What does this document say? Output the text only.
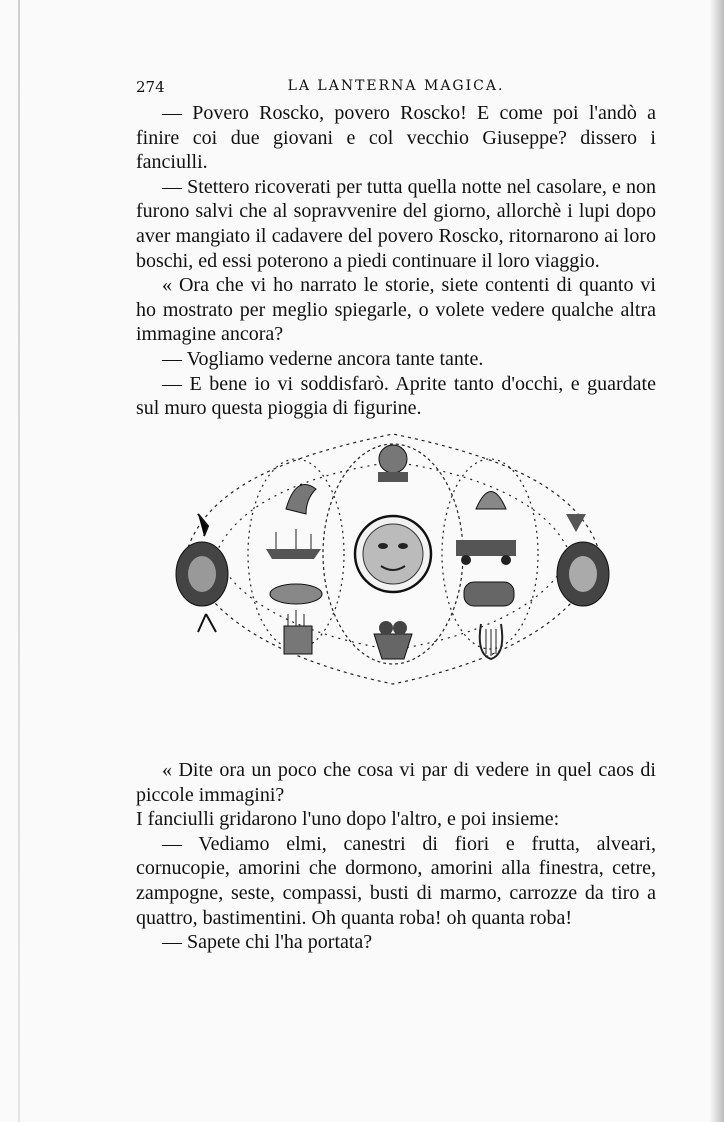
274	LA LANTERNA MAGICA.

— Povero Roscko, povero Roscko! E come poi l'andò a finire coi due giovani e col vecchio Giuseppe? dissero i fanciulli.

— Stettero ricoverati per tutta quella notte nel casolare, e non furono salvi che al sopravvenire del giorno, allorchè i lupi dopo aver mangiato il cadavere del povero Roscko, ritornarono ai loro boschi, ed essi poterono a piedi continuare il loro viaggio.

« Ora che vi ho narrato le storie, siete contenti di quanto vi ho mostrato per meglio spiegarle, o volete vedere qualche altra immagine ancora?

— Vogliamo vederne ancora tante tante.

— E bene io vi soddisfarò. Aprite tanto d'occhi, e guardate sul muro questa pioggia di figurine.

« Dite ora un poco che cosa vi par di vedere in quel caos di piccole immagini?

I fanciulli gridarono l'uno dopo l'altro, e poi insieme:

— Vediamo elmi, canestri di fiori e frutta, alveari, cornucopie, amorini che dormono, amorini alla finestra, cetre, zampogne, seste, compassi, busti di marmo, carrozze da tiro a quattro, bastimentini. Oh quanta roba! oh quanta roba!

— Sapete chi l'ha portata?
